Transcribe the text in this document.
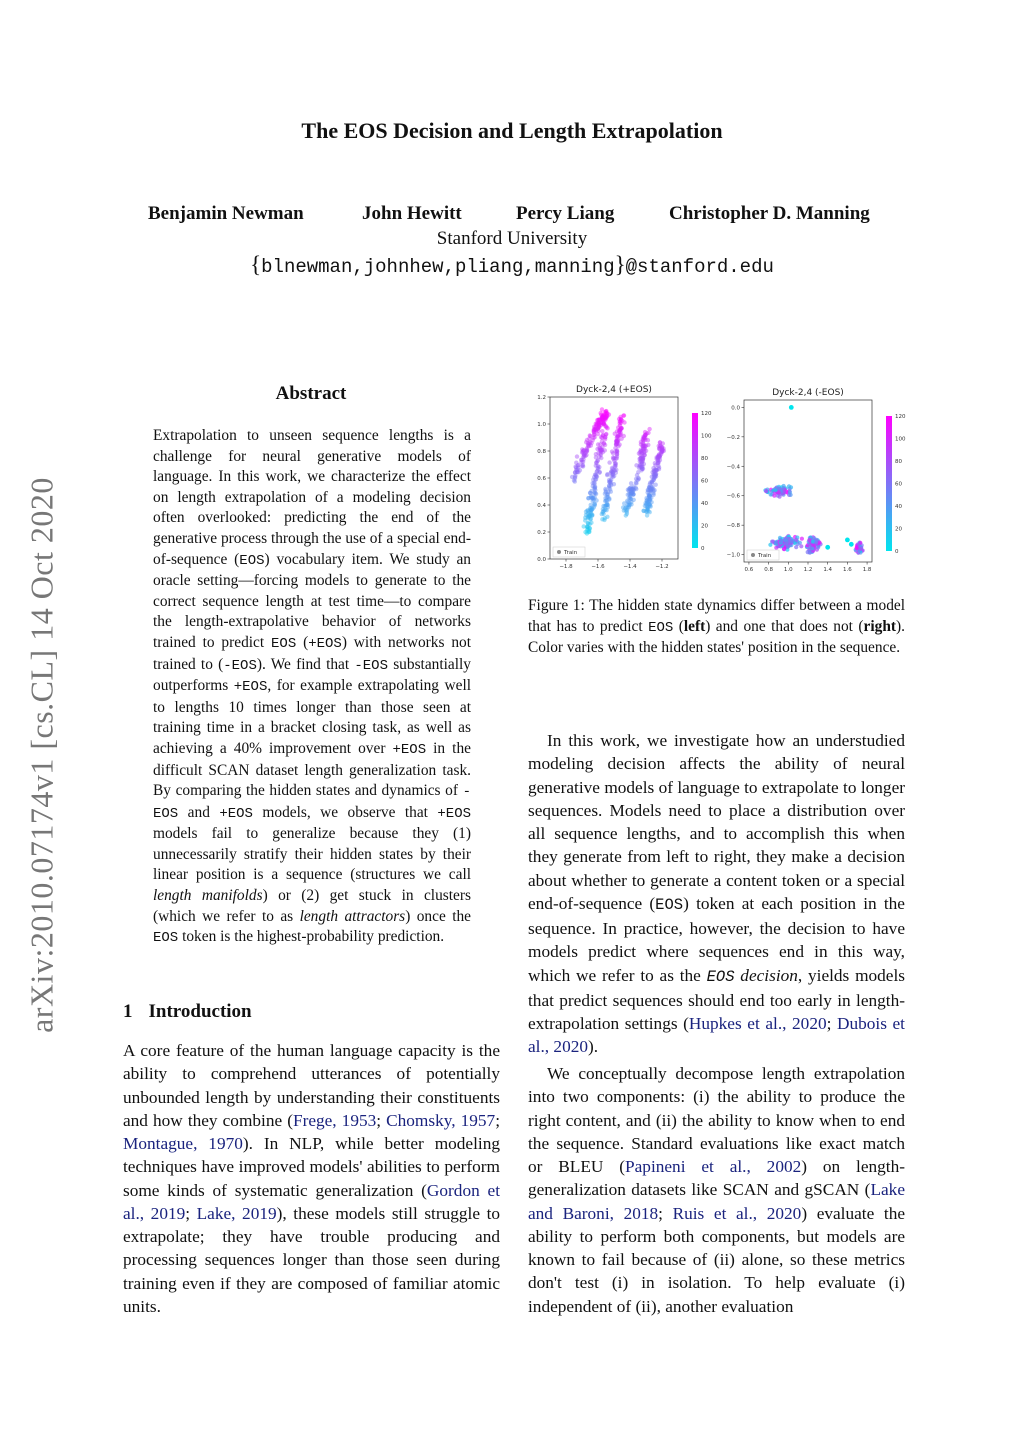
arXiv:2010.07174v1 [cs.CL] 14 Oct 2020
The EOS Decision and Length Extrapolation
Benjamin Newman	John Hewitt	Percy Liang	Christopher D. Manning
Stanford University
{blnewman,johnhew,pliang,manning}@stanford.edu
Abstract
Extrapolation to unseen sequence lengths is a challenge for neural generative models of language. In this work, we characterize the effect on length extrapolation of a modeling decision often overlooked: predicting the end of the generative process through the use of a special end-of-sequence (EOS) vocabulary item. We study an oracle setting—forcing models to generate to the correct sequence length at test time—to compare the length-extrapolative behavior of networks trained to predict EOS (+EOS) with networks not trained to (-EOS). We find that -EOS substantially outperforms +EOS, for example extrapolating well to lengths 10 times longer than those seen at training time in a bracket closing task, as well as achieving a 40% improvement over +EOS in the difficult SCAN dataset length generalization task. By comparing the hidden states and dynamics of -EOS and +EOS models, we observe that +EOS models fail to generalize because they (1) unnecessarily stratify their hidden states by their linear position is a sequence (structures we call length manifolds) or (2) get stuck in clusters (which we refer to as length attractors) once the EOS token is the highest-probability prediction.
1 Introduction
A core feature of the human language capacity is the ability to comprehend utterances of potentially unbounded length by understanding their constituents and how they combine (Frege, 1953; Chomsky, 1957; Montague, 1970). In NLP, while better modeling techniques have improved models' abilities to perform some kinds of systematic generalization (Gordon et al., 2019; Lake, 2019), these models still struggle to extrapolate; they have trouble producing and processing sequences longer than those seen during training even if they are composed of familiar atomic units.
Dyck-2,4 (+EOS)
−1.8	−1.6	−1.4	−1.2
0.0
0.2
0.4
0.6
0.8
1.0
1.2
Train
0
20
40
60
80
100
120
Dyck-2,4 (-EOS)
0.6 0.8 1.0 1.2 1.4 1.6 1.8
0.0
−0.2
−0.4
−0.6
−0.8
−1.0	Train
0
20
40
60
80
100
120
Figure 1: The hidden state dynamics differ between a model that has to predict EOS (left) and one that does not (right). Color varies with the hidden states' position in the sequence.
In this work, we investigate how an understudied modeling decision affects the ability of neural generative models of language to extrapolate to longer sequences. Models need to place a distribution over all sequence lengths, and to accomplish this when they generate from left to right, they make a decision about whether to generate a content token or a special end-of-sequence (EOS) token at each position in the sequence. In practice, however, the decision to have models predict where sequences end in this way, which we refer to as the EOS decision, yields models that predict sequences should end too early in length-extrapolation settings (Hupkes et al., 2020; Dubois et al., 2020).
We conceptually decompose length extrapolation into two components: (i) the ability to produce the right content, and (ii) the ability to know when to end the sequence. Standard evaluations like exact match or BLEU (Papineni et al., 2002) on length-generalization datasets like SCAN and gSCAN (Lake and Baroni, 2018; Ruis et al., 2020) evaluate the ability to perform both components, but models are known to fail because of (ii) alone, so these metrics don't test (i) in isolation. To help evaluate (i) independent of (ii), another evaluation
